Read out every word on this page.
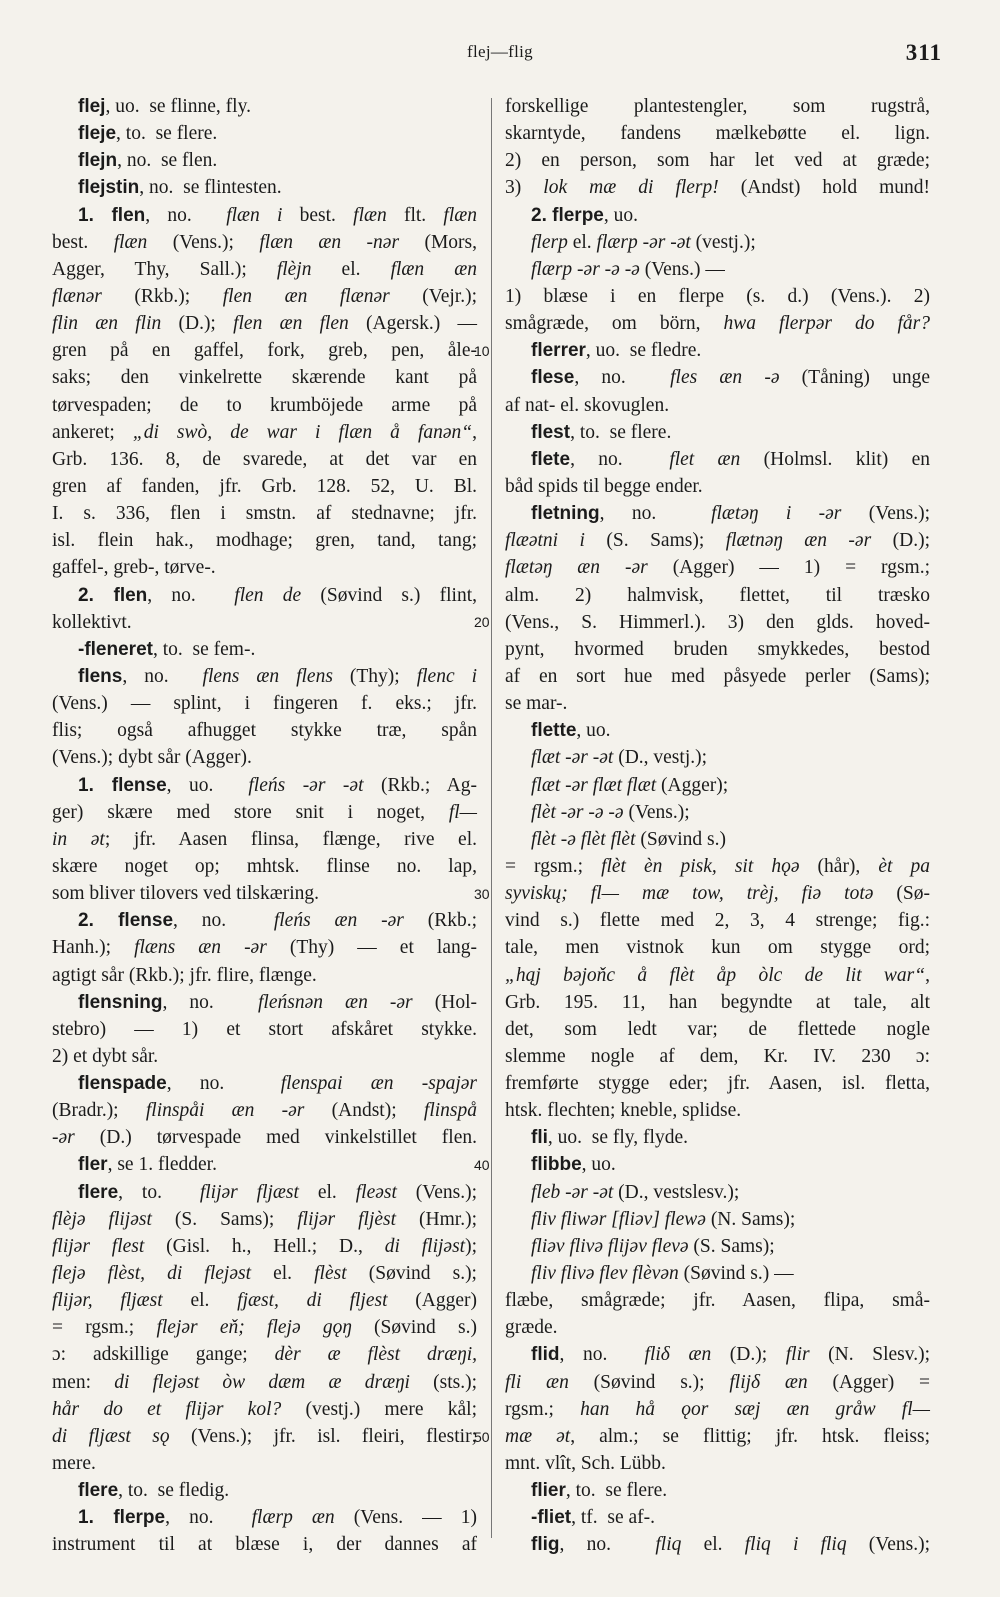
flej—flig	311
flej, uo.  se flinne, fly.
fleje, to.  se flere.
flejn, no.  se flen.
flejstin, no.  se flintesten.
1. flen, no.  flæn i best. flæn flt. flæn
best. flæn (Vens.); flæn æn -nər (Mors,
Agger, Thy, Sall.); flèjn el. flæn æn
flænər (Rkb.); flen æn flænər (Vejr.);
flin æn flin (D.); flen æn flen (Agersk.) —
gren på en gaffel, fork, greb, pen, åle-
saks; den vinkelrette skærende kant på
tørvespaden; de to krumböjede arme på
ankeret; „di swò, de war i flæn å fanən“,
Grb. 136. 8, de svarede, at det var en
gren af fanden, jfr. Grb. 128. 52, U. Bl.
I. s. 336, flen i smstn. af stednavne; jfr.
isl. flein hak., modhage; gren, tand, tang;
gaffel-, greb-, tørve-.
2. flen, no.  flen de (Søvind s.) flint,
kollektivt.
-fleneret, to.  se fem-.
flens, no.  flens æn flens (Thy); flenc i
(Vens.) — splint, i fingeren f. eks.; jfr.
flis; også afhugget stykke træ, spån
(Vens.); dybt sår (Agger).
1. flense, uo.  fleńs -ər -ət (Rkb.; Ag-
ger) skære med store snit i noget, fl—
in ət; jfr. Aasen flinsa, flænge, rive el.
skære noget op; mhtsk. flinse no. lap,
som bliver tilovers ved tilskæring.
2. flense, no.  fleńs æn -ər (Rkb.;
Hanh.); flæns æn -ər (Thy) — et lang-
agtigt sår (Rkb.); jfr. flire, flænge.
flensning, no.  fleńsnən æn -ər (Hol-
stebro) — 1) et stort afskåret stykke.
2) et dybt sår.
flenspade, no.  flenspai æn -spajər
(Bradr.); flinspåi æn -ər (Andst); flinspå
-ər (D.) tørvespade med vinkelstillet flen.
fler, se 1. fledder.
flere, to.  flijər fljæst el. fleəst (Vens.);
flèjə flijəst (S. Sams); flijər fljèst (Hmr.);
flijər flest (Gisl. h., Hell.; D., di flijəst);
flejə flèst, di flejəst el. flèst (Søvind s.);
flijər, fljæst el. fjæst, di fljest (Agger)
= rgsm.; flejər eň; flejə gǫŋ (Søvind s.)
ɔ: adskillige gange; dèr æ flèst dræŋi,
men: di flejəst òw dæm æ dræŋi (sts.);
hår do et flijər kol? (vestj.) mere kål;
di fljæst sǫ (Vens.); jfr. isl. fleiri, flestir;
mere.
flere, to.  se fledig.
1. flerpe, no.  flærp æn (Vens. — 1)
instrument til at blæse i, der dannes af
forskellige plantestengler, som rugstrå,
skarntyde, fandens mælkebøtte el. lign.
2) en person, som har let ved at græde;
3) lok mæ di flerp! (Andst) hold mund!
2. flerpe, uo.
flerp el. flærp -ər -ət (vestj.);
flærp -ər -ə -ə (Vens.) —
1) blæse i en flerpe (s. d.) (Vens.). 2)
smågræde, om börn, hwa flerpər do får?
flerrer, uo.  se fledre.
flese, no.  fles æn -ə (Tåning) unge
af nat- el. skovuglen.
flest, to.  se flere.
flete, no.  flet æn (Holmsl. klit) en
båd spids til begge ender.
fletning, no.  flætəŋ i -ər (Vens.);
flæətni i (S. Sams); flætnəŋ æn -ər (D.);
flætəŋ æn -ər (Agger) — 1) = rgsm.;
alm. 2) halmvisk, flettet, til træsko
(Vens., S. Himmerl.). 3) den glds. hoved-
pynt, hvormed bruden smykkedes, bestod
af en sort hue med påsyede perler (Sams);
se mar-.
flette, uo.
flæt -ər -ət (D., vestj.);
flæt -ər flæt flæt (Agger);
flèt -ər -ə -ə (Vens.);
flèt -ə flèt flèt (Søvind s.)
= rgsm.; flèt èn pisk, sit hǫə (hår), èt pa
syviskų; fl— mæ tow, trèj, fiə totə (Sø-
vind s.) flette med 2, 3, 4 strenge; fig.:
tale, men vistnok kun om stygge ord;
„hąj bəjoňc å flèt åp òlc de lit war“,
Grb. 195. 11, han begyndte at tale, alt
det, som ledt var; de flettede nogle
slemme nogle af dem, Kr. IV. 230 ɔ:
fremførte stygge eder; jfr. Aasen, isl. fletta,
htsk. flechten; kneble, splidse.
fli, uo.  se fly, flyde.
flibbe, uo.
fleb -ər -ət (D., vestslesv.);
fliv fliwər [fliəv] flewə (N. Sams);
fliəv flivə flijəv flevə (S. Sams);
fliv flivə flev flèvən (Søvind s.) —
flæbe, smågræde; jfr. Aasen, flipa, små-
græde.
flid, no.  fliδ æn (D.); flir (N. Slesv.);
fli æn (Søvind s.); flijδ æn (Agger) =
rgsm.; han hå ǫor sæj æn gråw fl—
mæ ət, alm.; se flittig; jfr. htsk. fleiss;
mnt. vlît, Sch. Lübb.
flier, to.  se flere.
-fliet, tf.  se af-.
flig, no.  fliq el. fliq i fliq (Vens.);
10
20
30
40
50
